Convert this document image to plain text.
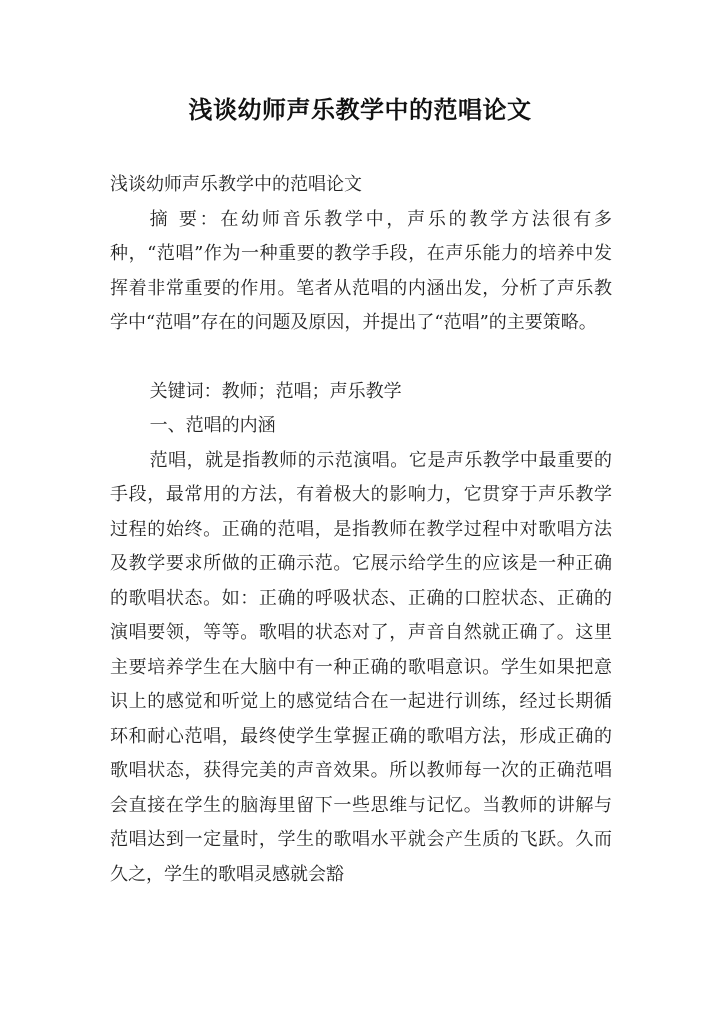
浅谈幼师声乐教学中的范唱论文

浅谈幼师声乐教学中的范唱论文

摘 要：在幼师音乐教学中，声乐的教学方法很有多种，“范唱”作为一种重要的教学手段，在声乐能力的培养中发挥着非常重要的作用。笔者从范唱的内涵出发，分析了声乐教学中“范唱”存在的问题及原因，并提出了“范唱”的主要策略。

关键词：教师；范唱；声乐教学

一、范唱的内涵

范唱，就是指教师的示范演唱。它是声乐教学中最重要的手段，最常用的方法，有着极大的影响力，它贯穿于声乐教学过程的始终。正确的范唱，是指教师在教学过程中对歌唱方法及教学要求所做的正确示范。它展示给学生的应该是一种正确的歌唱状态。如：正确的呼吸状态、正确的口腔状态、正确的演唱要领，等等。歌唱的状态对了，声音自然就正确了。这里主要培养学生在大脑中有一种正确的歌唱意识。学生如果把意识上的感觉和听觉上的感觉结合在一起进行训练，经过长期循环和耐心范唱，最终使学生掌握正确的歌唱方法，形成正确的歌唱状态，获得完美的声音效果。所以教师每一次的正确范唱会直接在学生的脑海里留下一些思维与记忆。当教师的讲解与范唱达到一定量时，学生的歌唱水平就会产生质的飞跃。久而久之，学生的歌唱灵感就会豁
